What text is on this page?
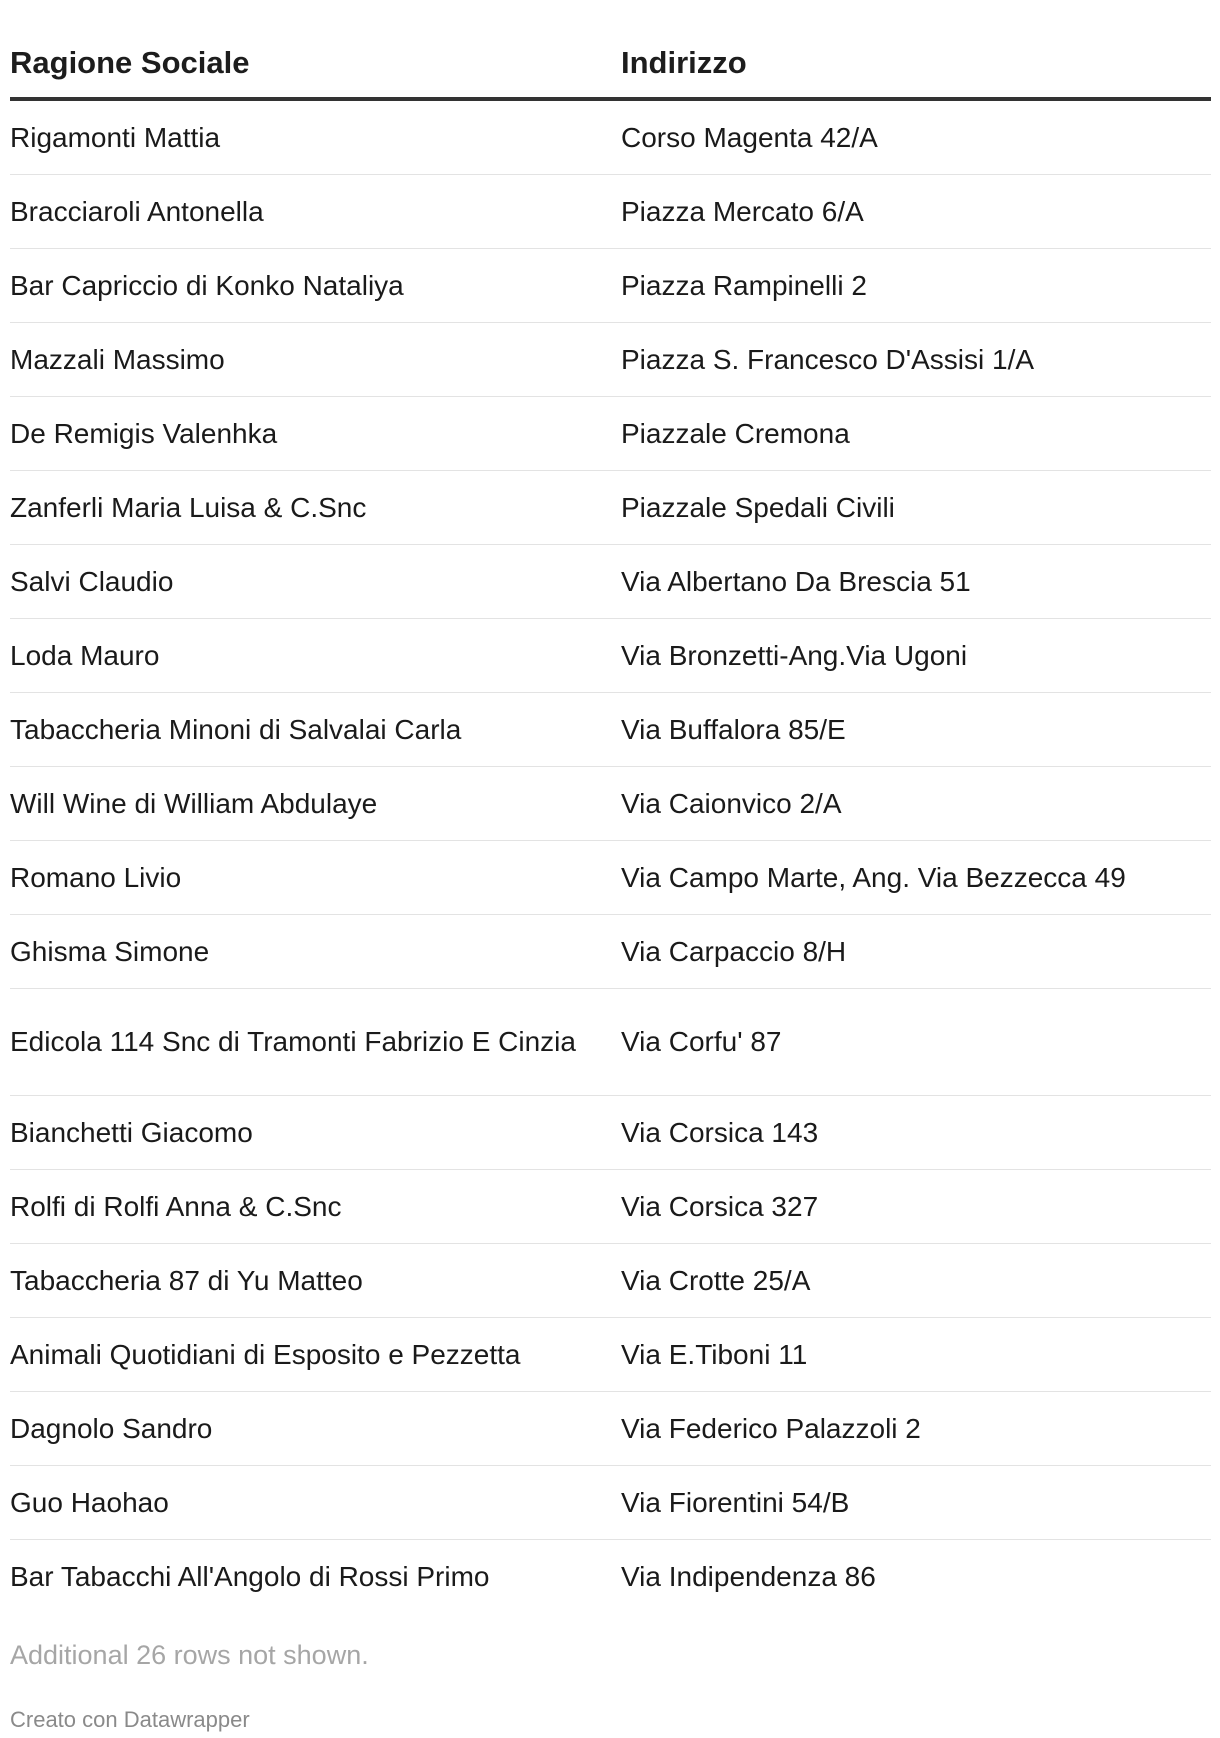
Ragione Sociale	Indirizzo
Rigamonti Mattia	Corso Magenta 42/A
Bracciaroli Antonella	Piazza Mercato 6/A
Bar Capriccio di Konko Nataliya	Piazza Rampinelli 2
Mazzali Massimo	Piazza S. Francesco D'Assisi 1/A
De Remigis Valenhka	Piazzale Cremona
Zanferli Maria Luisa & C.Snc	Piazzale Spedali Civili
Salvi Claudio	Via Albertano Da Brescia 51
Loda Mauro	Via Bronzetti-Ang.Via Ugoni
Tabaccheria Minoni di Salvalai Carla	Via Buffalora 85/E
Will Wine di William Abdulaye	Via Caionvico 2/A
Romano Livio	Via Campo Marte, Ang. Via Bezzecca 49
Ghisma Simone	Via Carpaccio 8/H
Edicola 114 Snc di Tramonti Fabrizio E Cinzia	Via Corfu' 87
Bianchetti Giacomo	Via Corsica 143
Rolfi di Rolfi Anna & C.Snc	Via Corsica 327
Tabaccheria 87 di Yu Matteo	Via Crotte 25/A
Animali Quotidiani di Esposito e Pezzetta	Via E.Tiboni 11
Dagnolo Sandro	Via Federico Palazzoli 2
Guo Haohao	Via Fiorentini 54/B
Bar Tabacchi All'Angolo di Rossi Primo	Via Indipendenza 86
Additional 26 rows not shown.
Creato con Datawrapper
